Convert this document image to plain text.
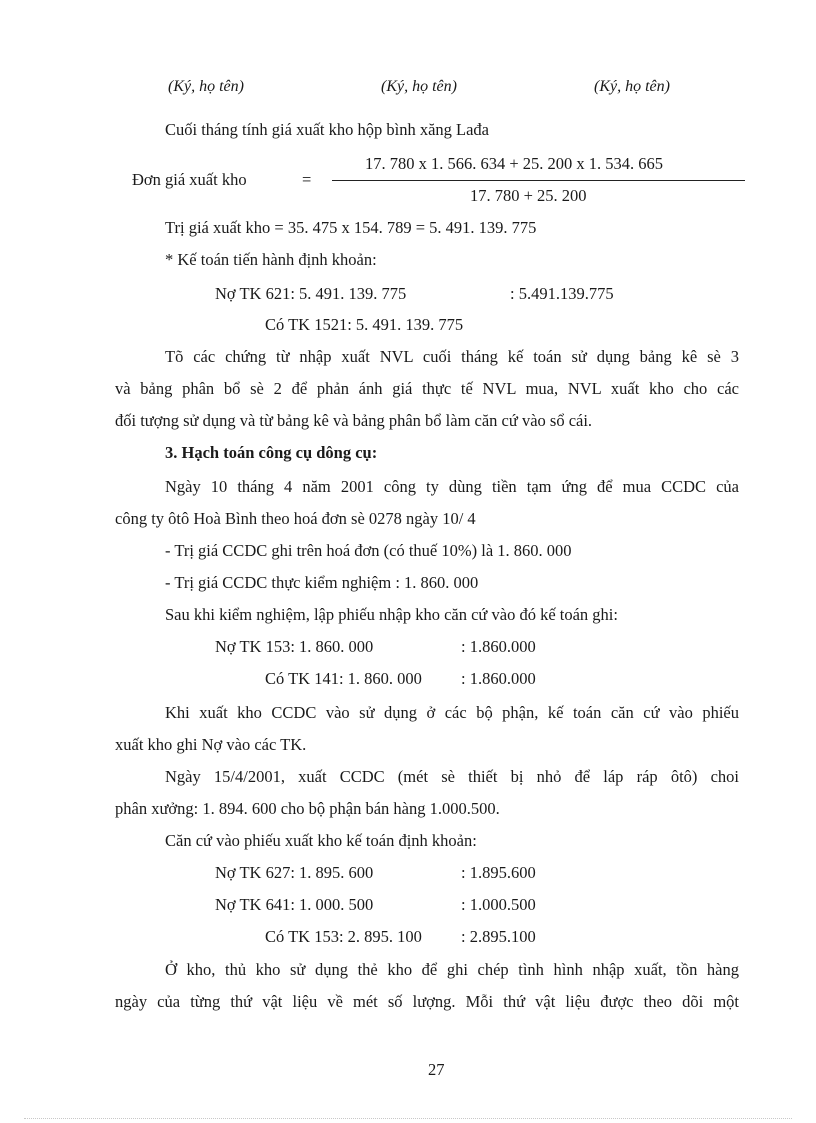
(Ký, họ tên)	(Ký, họ tên)	(Ký, họ tên)
Cuối tháng tính giá xuất kho hộp bình xăng Lađa
Đơn giá xuất kho	=
17. 780 x 1. 566. 634 + 25. 200 x 1. 534. 665
17. 780 + 25. 200
Trị giá xuất kho = 35. 475 x 154. 789 = 5. 491. 139. 775
* Kế toán tiến hành định khoản:
Nợ TK 621: 5. 491. 139. 775	: 5.491.139.775
Có TK 1521: 5. 491. 139. 775
Tõ các chứng từ nhập xuất NVL cuối tháng kế toán sử dụng bảng kê sè 3
và bảng phân bổ sè 2 để phản ánh giá thực tế NVL mua, NVL xuất kho cho các
đối tượng sử dụng và từ bảng kê và bảng phân bổ làm căn cứ vào sổ cái.
3. Hạch toán công cụ dông cụ:
Ngày 10 tháng 4 năm 2001 công ty dùng tiền tạm ứng để mua CCDC của
công ty ôtô Hoà Bình theo hoá đơn sè 0278 ngày 10/ 4
- Trị giá CCDC ghi trên hoá đơn (có thuế 10%) là 1. 860. 000
- Trị giá CCDC thực kiểm nghiệm : 1. 860. 000
Sau khi kiểm nghiệm, lập phiếu nhập kho căn cứ vào đó kế toán ghi:
Nợ TK 153: 1. 860. 000	: 1.860.000
Có TK 141: 1. 860. 000 : 1.860.000
Khi xuất kho CCDC vào sử dụng ở các bộ phận, kế toán căn cứ vào phiếu
xuất kho ghi Nợ vào các TK.
Ngày 15/4/2001, xuất CCDC (mét sè thiết bị nhỏ để láp ráp ôtô) choi
phân xưởng: 1. 894. 600 cho bộ phận bán hàng 1.000.500.
Căn cứ vào phiếu xuất kho kế toán định khoản:
Nợ TK 627: 1. 895. 600	: 1.895.600
Nợ TK 641: 1. 000. 500	: 1.000.500
Có TK 153: 2. 895. 100 : 2.895.100
Ở kho, thủ kho sử dụng thẻ kho để ghi chép tình hình nhập xuất, tồn hàng
ngày của từng thứ vật liệu về mét số lượng. Mỗi thứ vật liệu được theo dõi một
27
